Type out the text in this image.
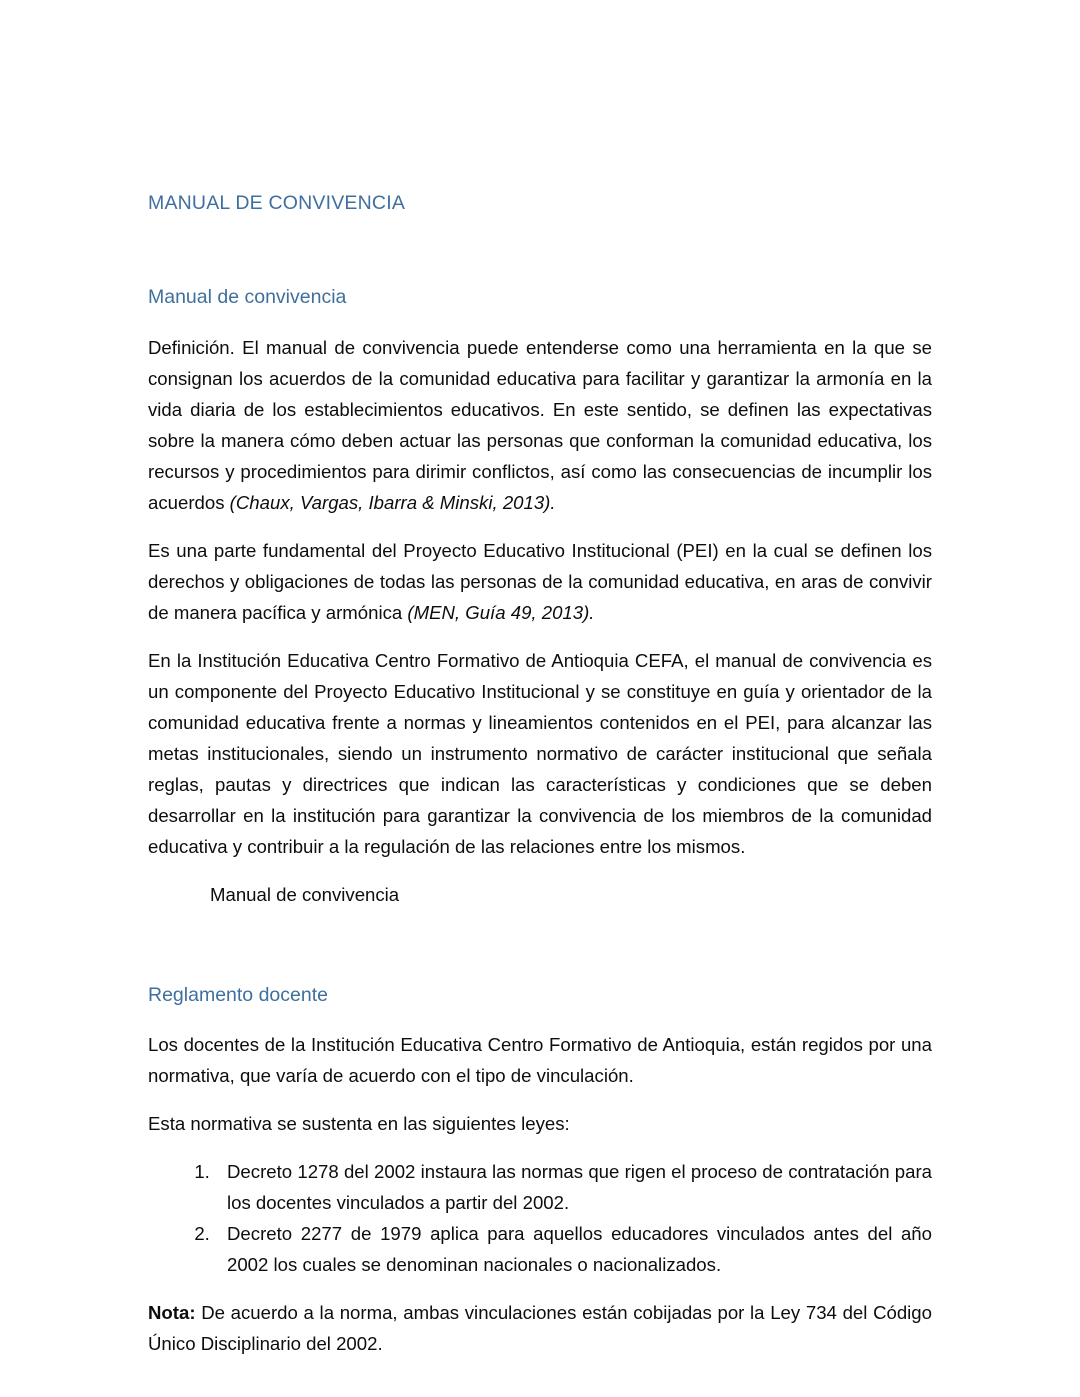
MANUAL DE CONVIVENCIA
Manual de convivencia

Definición. El manual de convivencia puede entenderse como una herramienta en la que se consignan los acuerdos de la comunidad educativa para facilitar y garantizar la armonía en la vida diaria de los establecimientos educativos. En este sentido, se definen las expectativas sobre la manera cómo deben actuar las personas que conforman la comunidad educativa, los recursos y procedimientos para dirimir conflictos, así como las consecuencias de incumplir los acuerdos (Chaux, Vargas, Ibarra & Minski, 2013).

Es una parte fundamental del Proyecto Educativo Institucional (PEI) en la cual se definen los derechos y obligaciones de todas las personas de la comunidad educativa, en aras de convivir de manera pacífica y armónica (MEN, Guía 49, 2013).

En la Institución Educativa Centro Formativo de Antioquia CEFA, el manual de convivencia es un componente del Proyecto Educativo Institucional y se constituye en guía y orientador de la comunidad educativa frente a normas y lineamientos contenidos en el PEI, para alcanzar las metas institucionales, siendo un instrumento normativo de carácter institucional que señala reglas, pautas y directrices que indican las características y condiciones que se deben desarrollar en la institución para garantizar la convivencia de los miembros de la comunidad educativa y contribuir a la regulación de las relaciones entre los mismos.

Manual de convivencia

Reglamento docente

Los docentes de la Institución Educativa Centro Formativo de Antioquia, están regidos por una normativa, que varía de acuerdo con el tipo de vinculación.

Esta normativa se sustenta en las siguientes leyes:

1. Decreto 1278 del 2002 instaura las normas que rigen el proceso de contratación para los docentes vinculados a partir del 2002.
2. Decreto 2277 de 1979 aplica para aquellos educadores vinculados antes del año 2002 los cuales se denominan nacionales o nacionalizados.

Nota: De acuerdo a la norma, ambas vinculaciones están cobijadas por la Ley 734 del Código Único Disciplinario del 2002.
